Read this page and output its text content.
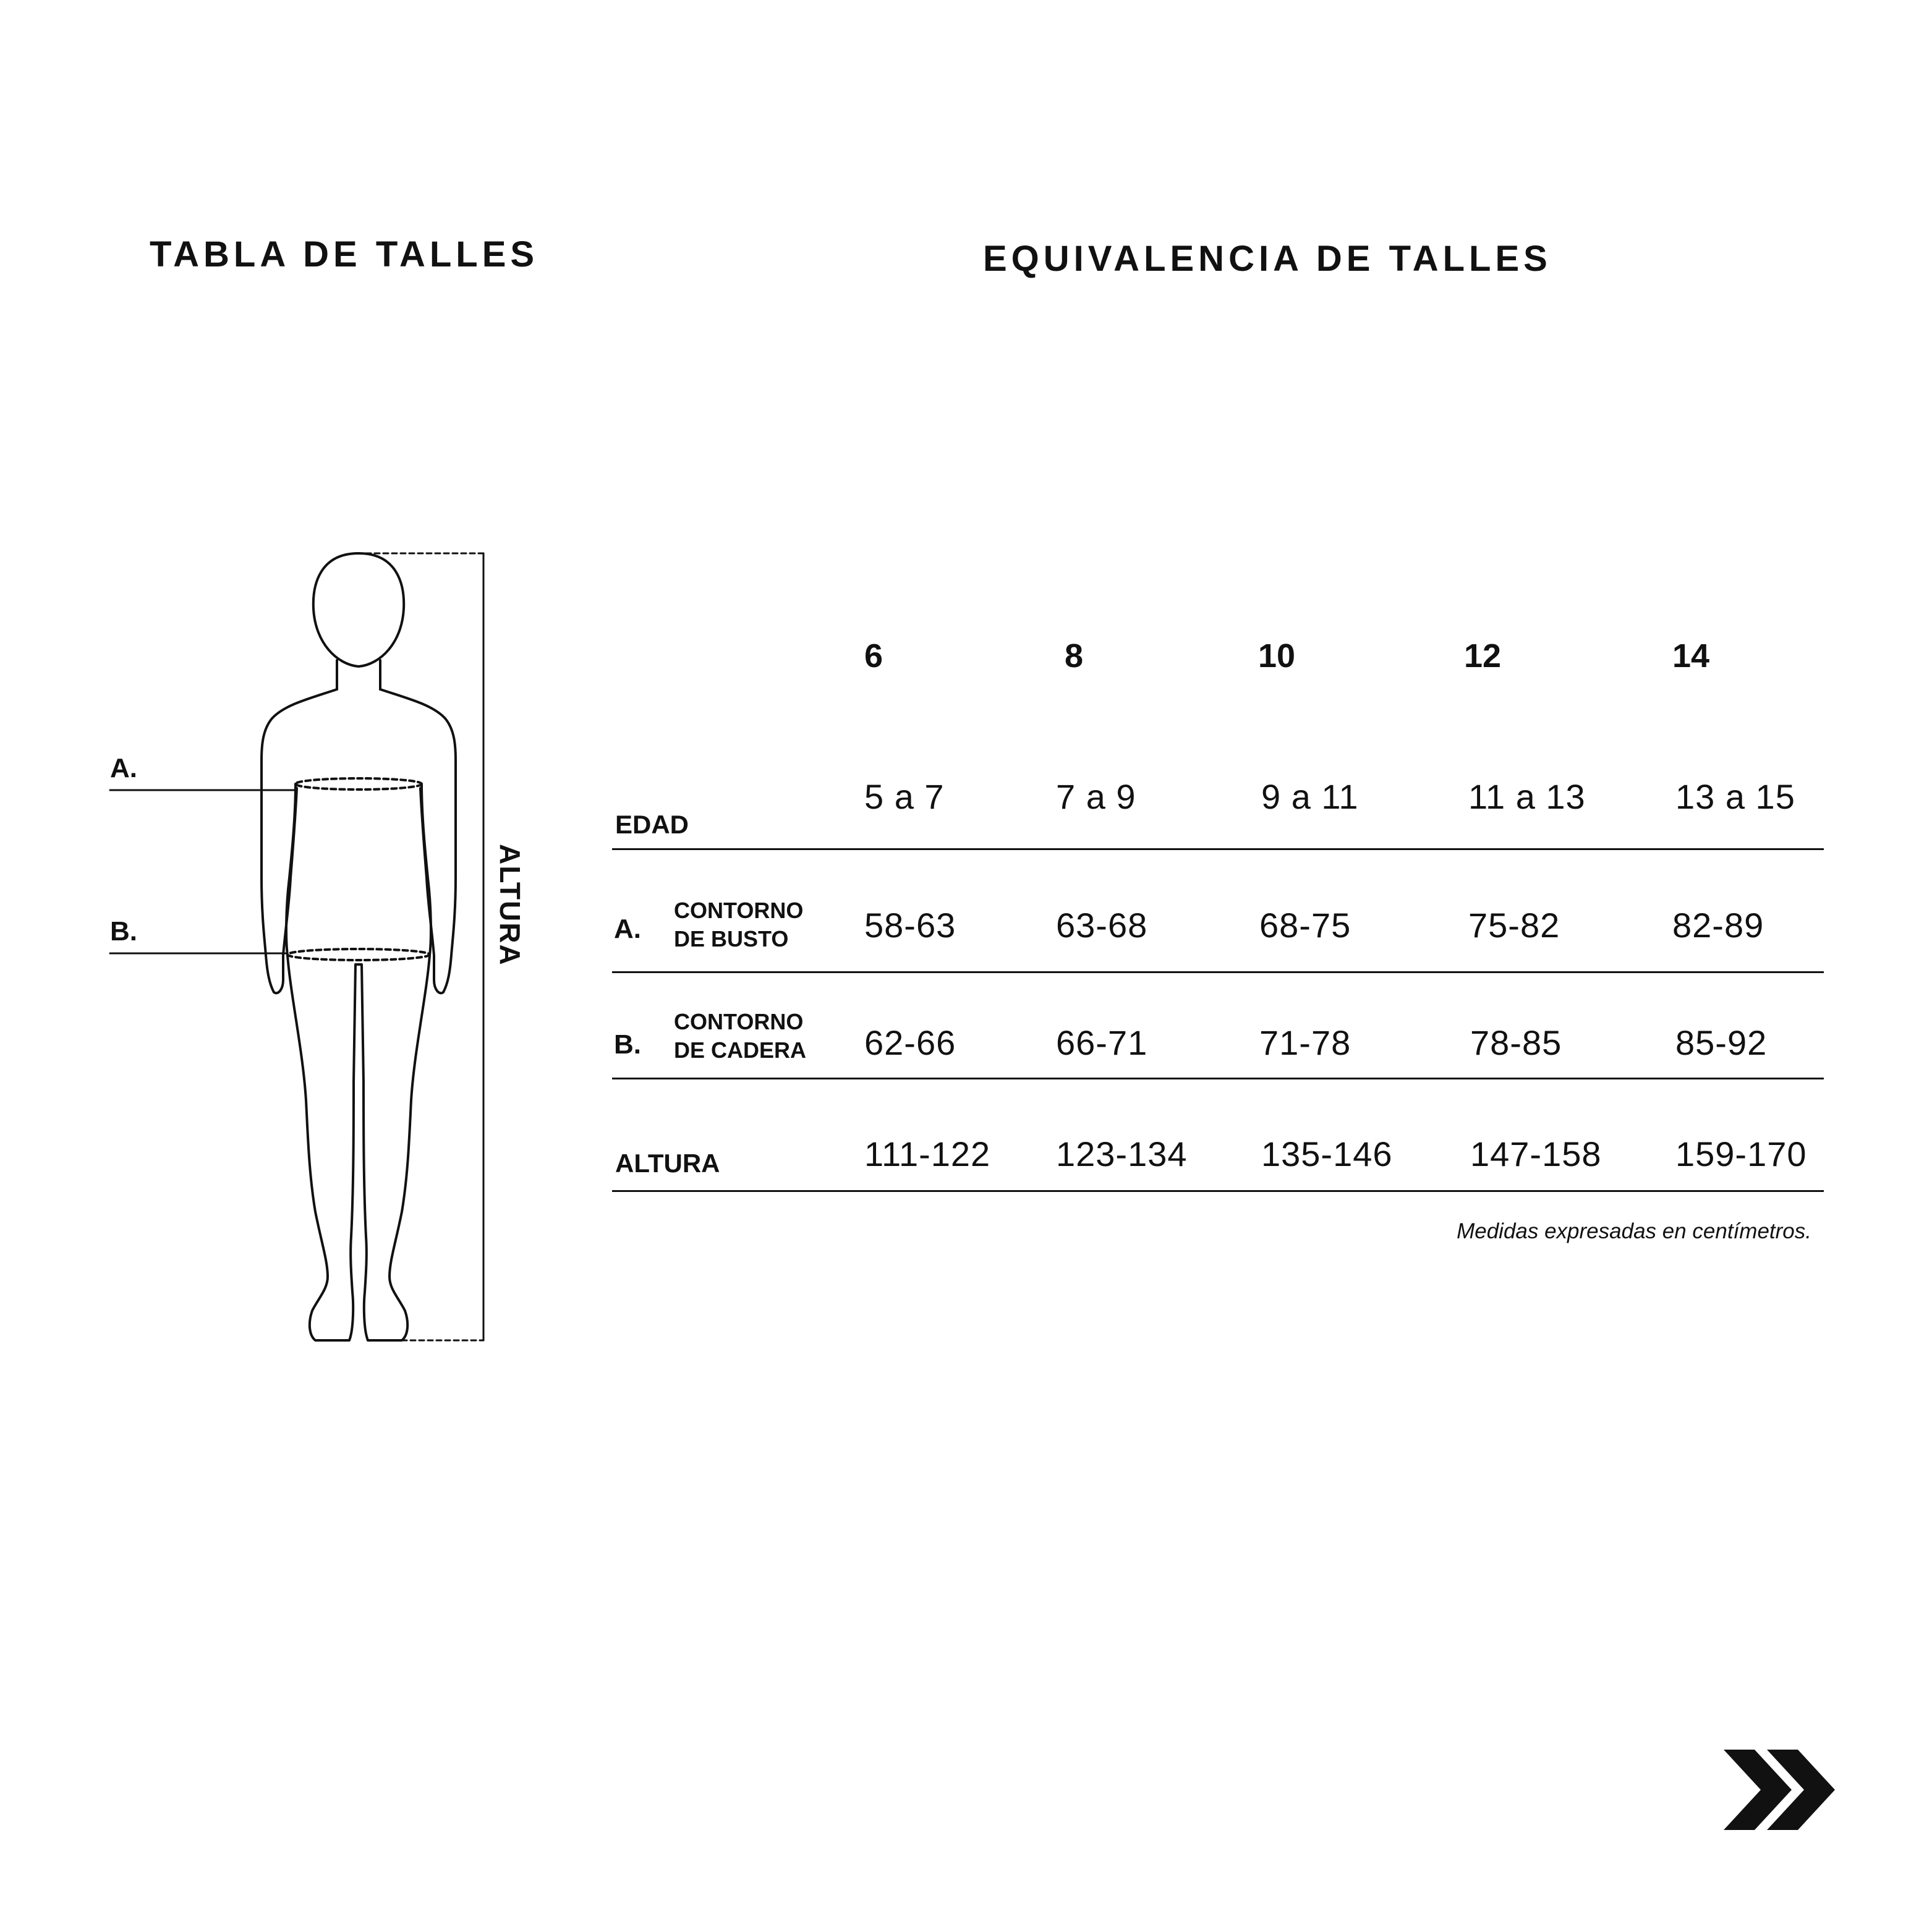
TABLA DE TALLES
A.
B.	ALTURA
EQUIVALENCIA DE TALLES
6	8	10	12	14
EDAD
5 a 7	7 a 9	9 a 11	11 a 13	13 a 15
A.
CONTORNO
DE BUSTO 58-63	63-68	68-75	75-82	82-89
B.
CONTORNO
DE CADERA 62-66	66-71	71-78	78-85	85-92
ALTURA	111-122 123-134 135-146 147-158 159-170
Medidas expresadas en centímetros.
